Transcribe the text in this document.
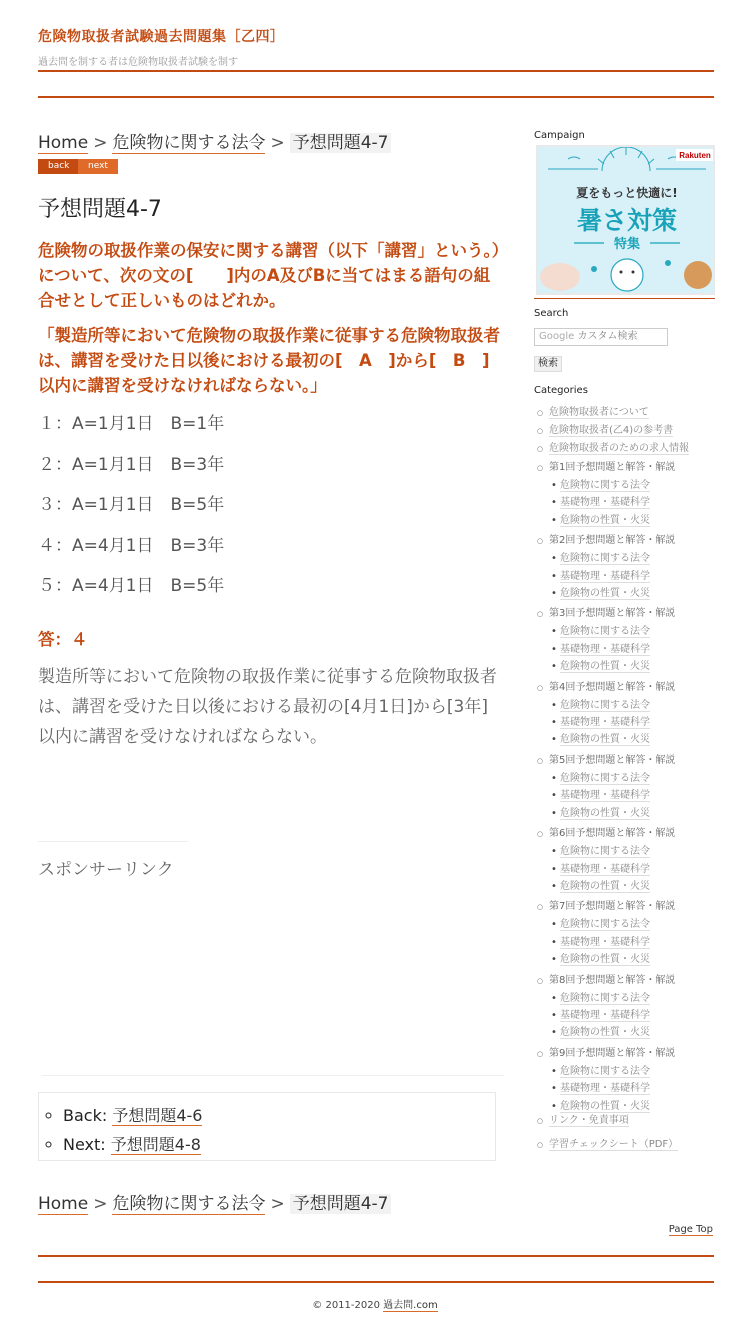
危険物取扱者試験過去問題集［乙四］
過去問を制する者は危険物取扱者試験を制す
Home > 危険物に関する法令 > 予想問題4-7
back	next
予想問題4-7

危険物の取扱作業の保安に関する講習（以下「講習」という。）について、次の文の[　　]内のA及びBに当てはまる語句の組合せとして正しいものはどれか。

「製造所等において危険物の取扱作業に従事する危険物取扱者は、講習を受けた日以後における最初の[　A　]から[　B　]以内に講習を受けなければならない。」

１：A=1月1日　B=1年
２：A=1月1日　B=3年
３：A=1月1日　B=5年
４：A=4月1日　B=3年
５：A=4月1日　B=5年
答：４

製造所等において危険物の取扱作業に従事する危険物取扱者は、講習を受けた日以後における最初の[4月1日]から[3年]以内に講習を受けなければならない。

スポンサーリンク
◦ Back: 予想問題4-6
◦ Next: 予想問題4-8
Home > 危険物に関する法令 > 予想問題4-7
Page Top
© 2011-2020 過去問.com
Campaign
Rakuten
夏をもっと快適に!
暑さ対策
特集
Search
Google カスタム検索
検索
Categories
○ 危険物取扱者について
○ 危険物取扱者(乙4)の参考書
○ 危険物取扱者のための求人情報
○ 第1回予想問題と解答・解説
• 危険物に関する法令
• 基礎物理・基礎科学
• 危険物の性質・火災
○ 第2回予想問題と解答・解説
• 危険物に関する法令
• 基礎物理・基礎科学
• 危険物の性質・火災
○ 第3回予想問題と解答・解説
• 危険物に関する法令
• 基礎物理・基礎科学
• 危険物の性質・火災
○ 第4回予想問題と解答・解説
• 危険物に関する法令
• 基礎物理・基礎科学
• 危険物の性質・火災
○ 第5回予想問題と解答・解説
• 危険物に関する法令
• 基礎物理・基礎科学
• 危険物の性質・火災
○ 第6回予想問題と解答・解説
• 危険物に関する法令
• 基礎物理・基礎科学
• 危険物の性質・火災
○ 第7回予想問題と解答・解説
• 危険物に関する法令
• 基礎物理・基礎科学
• 危険物の性質・火災
○ 第8回予想問題と解答・解説
• 危険物に関する法令
• 基礎物理・基礎科学
• 危険物の性質・火災
○ 第9回予想問題と解答・解説
• 危険物に関する法令
• 基礎物理・基礎科学
• 危険物の性質・火災
○ リンク・免責事項
○ 学習チェックシート（PDF）
